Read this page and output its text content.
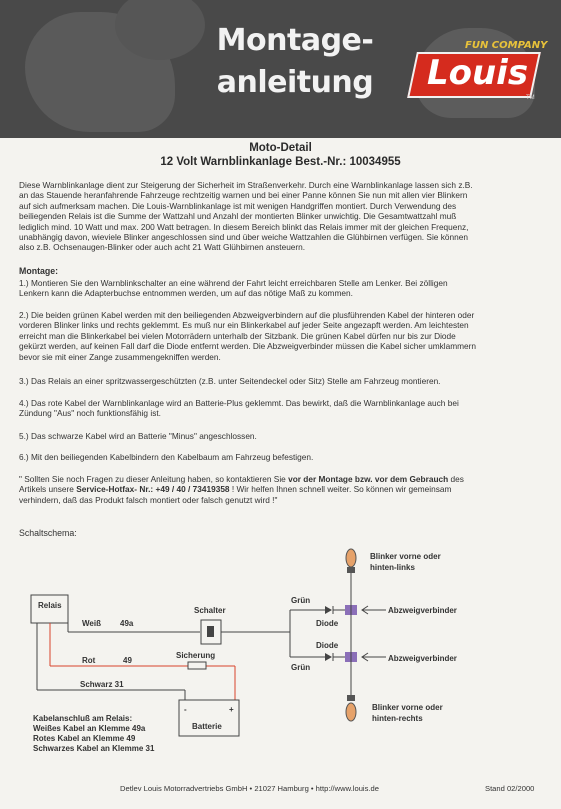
Montage-
anleitung
FUN COMPANY
Louis
TM
Moto-Detail
12 Volt Warnblinkanlage Best.-Nr.: 10034955
Diese Warnblinkanlage dient zur Steigerung der Sicherheit im Straßenverkehr. Durch eine Warnblinkanlage lassen sich z.B.
an das Stauende heranfahrende Fahrzeuge rechtzeitig warnen und bei einer Panne können Sie nun mit allen vier Blinkern
auf sich aufmerksam machen. Die Louis-Warnblinkanlage ist mit wenigen Handgriffen montiert. Durch Verwendung des
beiliegenden Relais ist die Summe der Wattzahl und Anzahl der montierten Blinker unwichtig. Die Gesamtwattzahl muß
lediglich mind. 10 Watt und max. 200 Watt betragen. In diesem Bereich blinkt das Relais immer mit der gleichen Frequenz,
unabhängig davon, wieviele Blinker angeschlossen sind und über weiche Wattzahlen die Glühbirnen verfügen. Sie können
also z.B. Ochsenaugen-Blinker oder auch acht 21 Watt Glühbirnen ansteuern.
Montage:
1.) Montieren Sie den Warnblinkschalter an eine während der Fahrt leicht erreichbaren Stelle am Lenker. Bei zölligen
Lenkern kann die Adapterbuchse entnommen werden, um auf das nötige Maß zu kommen.
2.) Die beiden grünen Kabel werden mit den beiliegenden Abzweigverbindern auf die plusführenden Kabel der hinteren oder
vorderen Blinker links und rechts geklemmt. Es muß nur ein Blinkerkabel auf jeder Seite angezapft werden. Am leichtesten
erreicht man die Blinkerkabel bei vielen Motorrädern unterhalb der Sitzbank. Die grünen Kabel dürfen nur bis zur Diode
gekürzt werden, auf keinen Fall darf die Diode entfernt werden. Die Abzweigverbinder müssen die Kabel sicher umklammern
bevor sie mit einer Zange zusammengekniffen werden.
3.) Das Relais an einer spritzwassergeschützten (z.B. unter Seitendeckel oder Sitz) Stelle am Fahrzeug montieren.
4.) Das rote Kabel der Warnblinkanlage wird an Batterie-Plus geklemmt. Das bewirkt, daß die Warnblinkanlage auch bei
Zündung "Aus" noch funktionsfähig ist.
5.) Das schwarze Kabel wird an Batterie "Minus" angeschlossen.
6.) Mit den beiliegenden Kabelbindern den Kabelbaum am Fahrzeug befestigen.
" Sollten Sie noch Fragen zu dieser Anleitung haben, so kontaktieren Sie vor der Montage bzw. vor dem Gebrauch des
Artikels unsere Service-Hotfax- Nr.: +49 / 40 / 73419358 ! Wir helfen Ihnen schnell weiter. So können wir gemeinsam
verhindern, daß das Produkt falsch montiert oder falsch genutzt wird !"
Schaltschema:
Relais
Weiß 49a
Rot	49
Schwarz 31
Sicherung
Schalter
-	+
Batterie
Grün
Grün
Diode
Diode
Abzweigverbinder
Abzweigverbinder
Blinker vorne oder
hinten-links
Blinker vorne oder
hinten-rechts
Kabelanschluß am Relais:
Weißes Kabel an Klemme 49a
Rotes Kabel an Klemme 49
Schwarzes Kabel an Klemme 31
Detlev Louis Motorradvertriebs GmbH • 21027 Hamburg • http://www.louis.de	Stand 02/2000
